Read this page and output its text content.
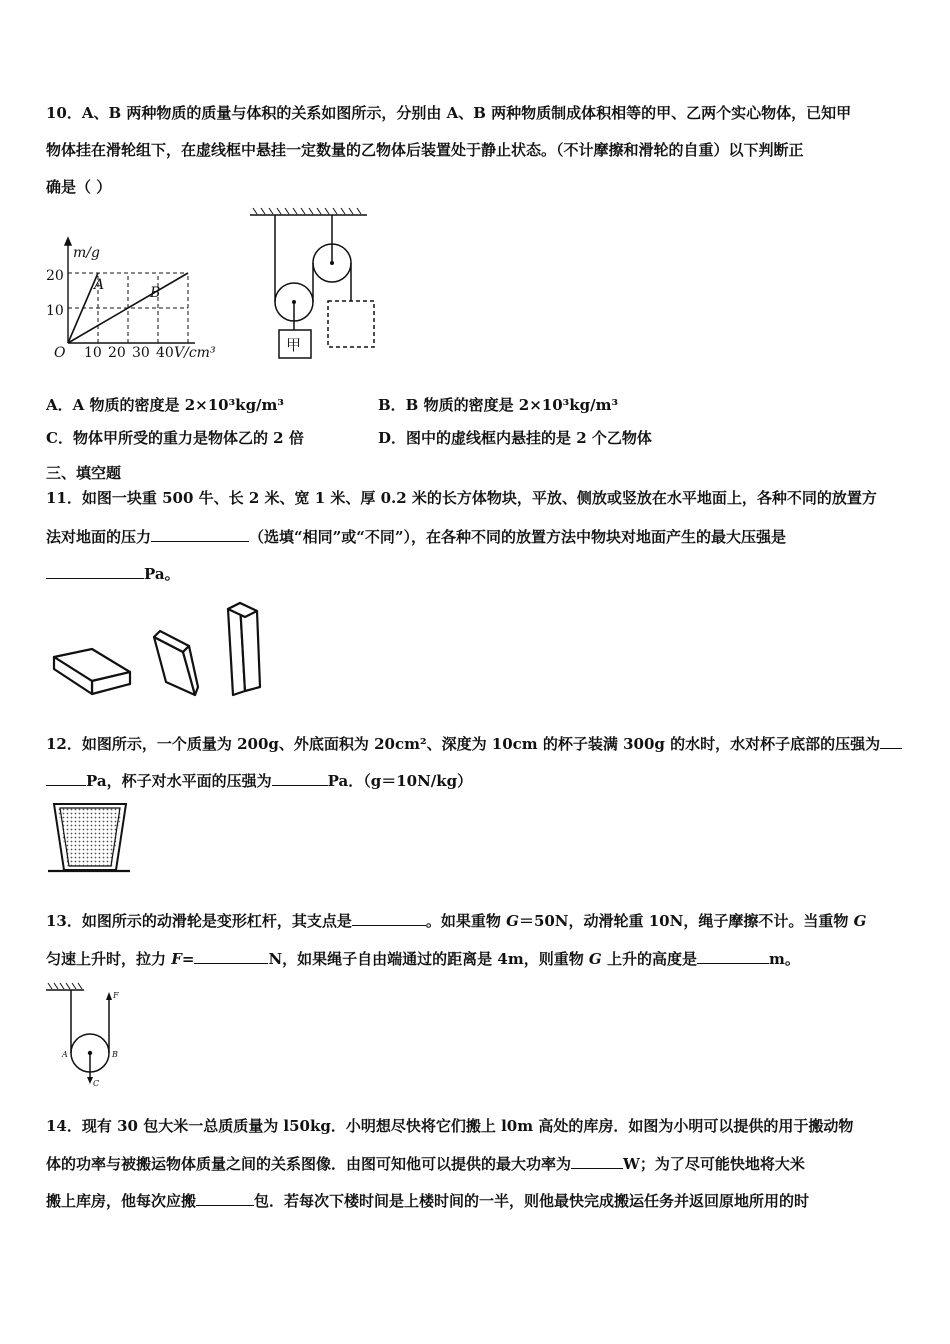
10．A、B 两种物质的质量与体积的关系如图所示，分别由 A、B 两种物质制成体积相等的甲、乙两个实心物体，已知甲
物体挂在滑轮组下，在虚线框中悬挂一定数量的乙物体后装置处于静止状态。（不计摩擦和滑轮的自重）以下判断正
确是（ ）
m/g
V/cm³
O
20
10
10 20 30 40
A	B
甲
A．A 物质的密度是 2×10³kg/m³	B．B 物质的密度是 2×10³kg/m³
C．物体甲所受的重力是物体乙的 2 倍	D．图中的虚线框内悬挂的是 2 个乙物体
三、填空题
11．如图一块重 500 牛、长 2 米、宽 1 米、厚 0.2 米的长方体物块，平放、侧放或竖放在水平地面上，各种不同的放置方
法对地面的压力	（选填“相同”或“不同”），在各种不同的放置方法中物块对地面产生的最大压强是
Pa。
12．如图所示，一个质量为 200g、外底面积为 20cm²、深度为 10cm 的杯子装满 300g 的水时，水对杯子底部的压强为
Pa，杯子对水平面的压强为	Pa．（g＝10N/kg）
13．如图所示的动滑轮是变形杠杆，其支点是	。如果重物 G＝50N，动滑轮重 10N，绳子摩擦不计。当重物 G
匀速上升时，拉力 F=	N，如果绳子自由端通过的距离是 4m，则重物 G 上升的高度是	m。
F
A	B
C
14．现有 30 包大米一总质质量为 l50kg．小明想尽快将它们搬上 l0m 高处的库房．如图为小明可以提供的用于搬动物
体的功率与被搬运物体质量之间的关系图像．由图可知他可以提供的最大功率为	W；为了尽可能快地将大米
搬上库房，他每次应搬	包．若每次下楼时间是上楼时间的一半，则他最快完成搬运任务并返回原地所用的时
